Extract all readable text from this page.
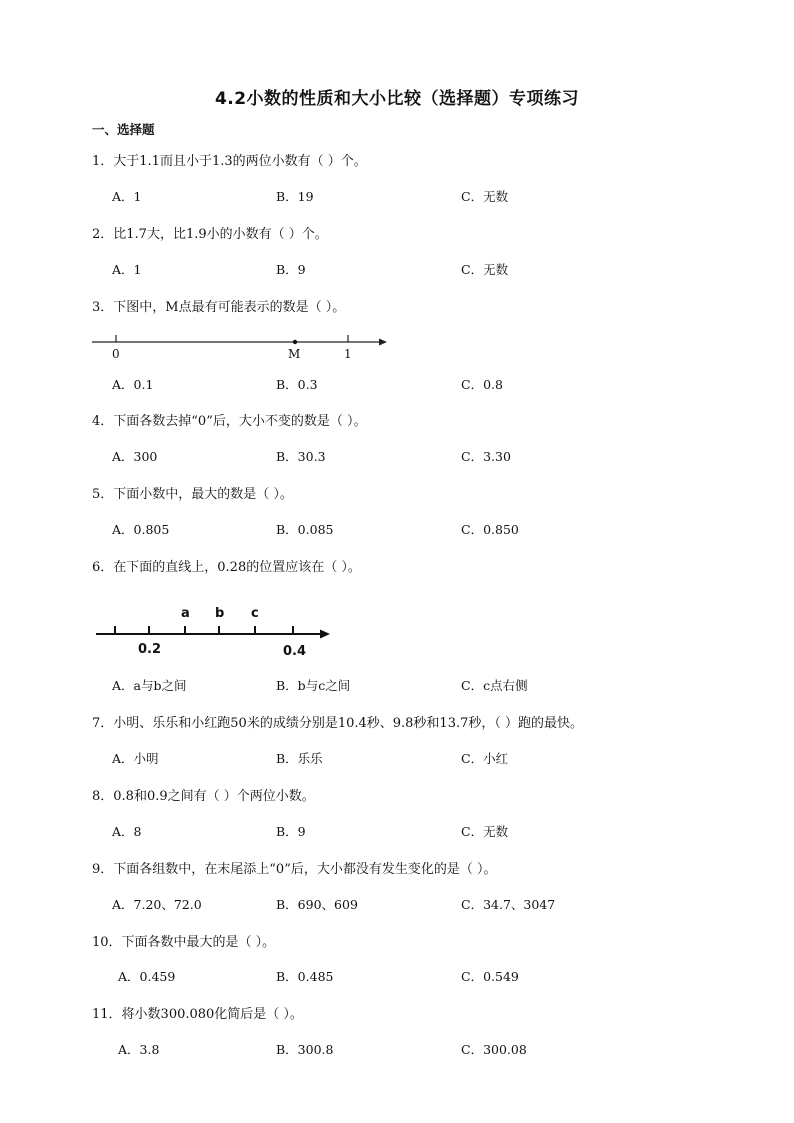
4.2小数的性质和大小比较（选择题）专项练习
一、选择题
1．大于1.1而且小于1.3的两位小数有（ ）个。
A．1	B．19	C．无数
2．比1.7大，比1.9小的小数有（ ）个。
A．1	B．9	C．无数
3．下图中，M点最有可能表示的数是（ ）。
0	M	1
A．0.1	B．0.3	C．0.8
4．下面各数去掉“0”后，大小不变的数是（ ）。
A．300	B．30.3	C．3.30
5．下面小数中，最大的数是（ ）。
A．0.805	B．0.085	C．0.850
6．在下面的直线上，0.28的位置应该在（ ）。
a b c
0.2	0.4
A．a与b之间	B．b与c之间	C．c点右侧
7．小明、乐乐和小红跑50米的成绩分别是10.4秒、9.8秒和13.7秒，（ ）跑的最快。
A．小明	B．乐乐	C．小红
8．0.8和0.9之间有（ ）个两位小数。
A．8	B．9	C．无数
9．下面各组数中，在末尾添上“0”后，大小都没有发生变化的是（ ）。
A．7.20、72.0	B．690、609	C．34.7、3047
10．下面各数中最大的是（ ）。
A．0.459	B．0.485	C．0.549
11．将小数300.080化简后是（ ）。
A．3.8	B．300.8	C．300.08
